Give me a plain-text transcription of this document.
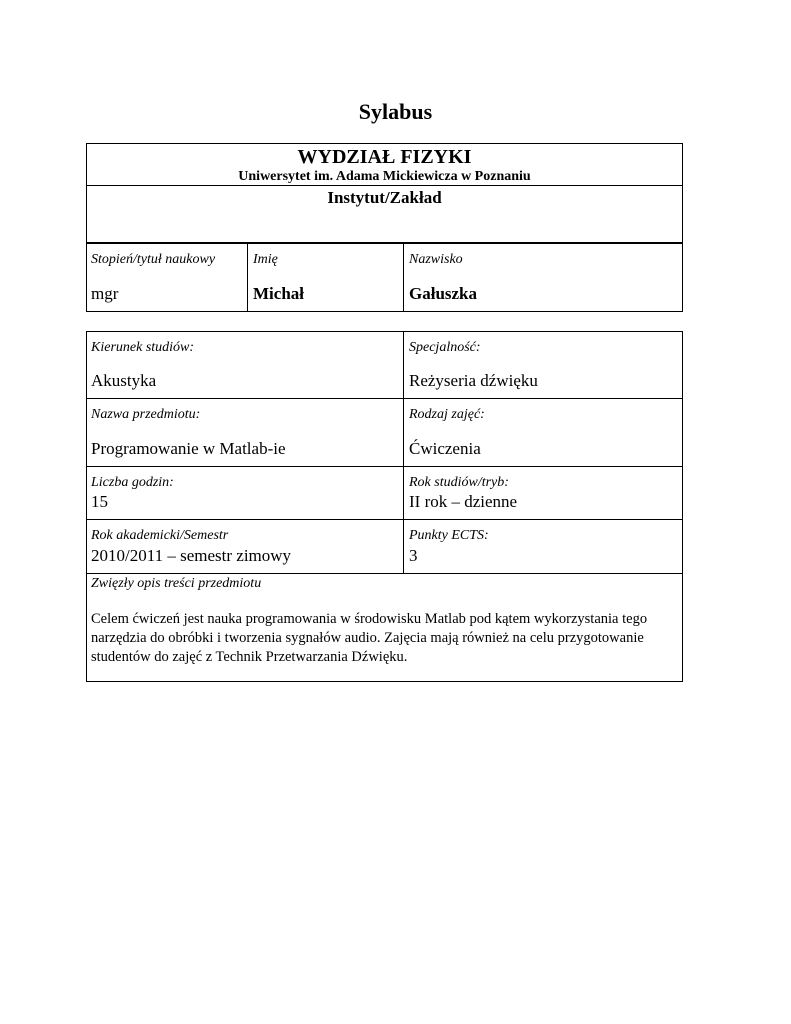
Sylabus
WYDZIAŁ FIZYKI
Uniwersytet im. Adama Mickiewicza w Poznaniu
Instytut/Zakład
Stopień/tytuł naukowy
mgr
Imię
Michał
Nazwisko
Gałuszka
Kierunek studiów:
Akustyka
Specjalność:
Reżyseria dźwięku
Nazwa przedmiotu:
Programowanie w Matlab-ie
Rodzaj zajęć:
Ćwiczenia
Liczba godzin:
15
Rok studiów/tryb:
II rok – dzienne
Rok akademicki/Semestr
2010/2011 – semestr zimowy
Punkty ECTS:
3
Zwięzły opis treści przedmiotu
Celem ćwiczeń jest nauka programowania w środowisku Matlab pod kątem wykorzystania tego narzędzia do obróbki i tworzenia sygnałów audio. Zajęcia mają również na celu przygotowanie studentów do zajęć z Technik Przetwarzania Dźwięku.
